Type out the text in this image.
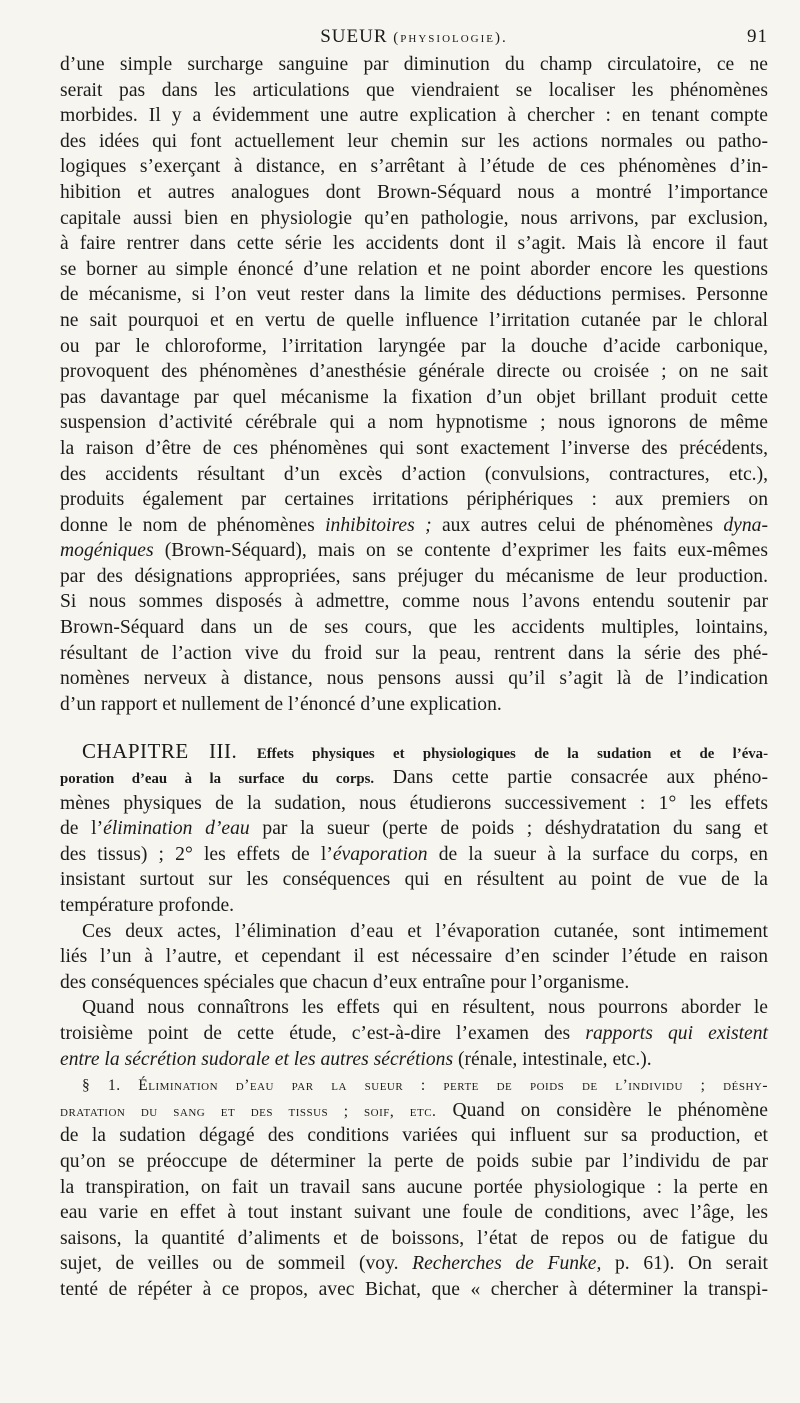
SUEUR (physiologie).	91
d’une simple surcharge sanguine par diminution du champ circulatoire, ce ne
serait pas dans les articulations que viendraient se localiser les phénomènes
morbides. Il y a évidemment une autre explication à chercher : en tenant compte
des idées qui font actuellement leur chemin sur les actions normales ou patho-
logiques s’exerçant à distance, en s’arrêtant à l’étude de ces phénomènes d’in-
hibition et autres analogues dont Brown-Séquard nous a montré l’importance
capitale aussi bien en physiologie qu’en pathologie, nous arrivons, par exclusion,
à faire rentrer dans cette série les accidents dont il s’agit. Mais là encore il faut
se borner au simple énoncé d’une relation et ne point aborder encore les questions
de mécanisme, si l’on veut rester dans la limite des déductions permises. Personne
ne sait pourquoi et en vertu de quelle influence l’irritation cutanée par le chloral
ou par le chloroforme, l’irritation laryngée par la douche d’acide carbonique,
provoquent des phénomènes d’anesthésie générale directe ou croisée ; on ne sait
pas davantage par quel mécanisme la fixation d’un objet brillant produit cette
suspension d’activité cérébrale qui a nom hypnotisme ; nous ignorons de même
la raison d’être de ces phénomènes qui sont exactement l’inverse des précédents,
des accidents résultant d’un excès d’action (convulsions, contractures, etc.),
produits également par certaines irritations périphériques : aux premiers on
donne le nom de phénomènes inhibitoires ; aux autres celui de phénomènes dyna-
mogéniques (Brown-Séquard), mais on se contente d’exprimer les faits eux-mêmes
par des désignations appropriées, sans préjuger du mécanisme de leur production.
Si nous sommes disposés à admettre, comme nous l’avons entendu soutenir par
Brown-Séquard dans un de ses cours, que les accidents multiples, lointains,
résultant de l’action vive du froid sur la peau, rentrent dans la série des phé-
nomènes nerveux à distance, nous pensons aussi qu’il s’agit là de l’indication
d’un rapport et nullement de l’énoncé d’une explication.
CHAPITRE III. Effets physiques et physiologiques de la sudation et de l’éva-
poration d’eau à la surface du corps. Dans cette partie consacrée aux phéno-
mènes physiques de la sudation, nous étudierons successivement : 1° les effets
de l’élimination d’eau par la sueur (perte de poids ; déshydratation du sang et
des tissus) ; 2° les effets de l’évaporation de la sueur à la surface du corps, en
insistant surtout sur les conséquences qui en résultent au point de vue de la
température profonde.
Ces deux actes, l’élimination d’eau et l’évaporation cutanée, sont intimement
liés l’un à l’autre, et cependant il est nécessaire d’en scinder l’étude en raison
des conséquences spéciales que chacun d’eux entraîne pour l’organisme.
Quand nous connaîtrons les effets qui en résultent, nous pourrons aborder le
troisième point de cette étude, c’est-à-dire l’examen des rapports qui existent
entre la sécrétion sudorale et les autres sécrétions (rénale, intestinale, etc.).
§ 1. Élimination d’eau par la sueur : perte de poids de l’individu ; déshy-
dratation du sang et des tissus ; soif, etc. Quand on considère le phénomène
de la sudation dégagé des conditions variées qui influent sur sa production, et
qu’on se préoccupe de déterminer la perte de poids subie par l’individu de par
la transpiration, on fait un travail sans aucune portée physiologique : la perte en
eau varie en effet à tout instant suivant une foule de conditions, avec l’âge, les
saisons, la quantité d’aliments et de boissons, l’état de repos ou de fatigue du
sujet, de veilles ou de sommeil (voy. Recherches de Funke, p. 61). On serait
tenté de répéter à ce propos, avec Bichat, que « chercher à déterminer la transpi-
